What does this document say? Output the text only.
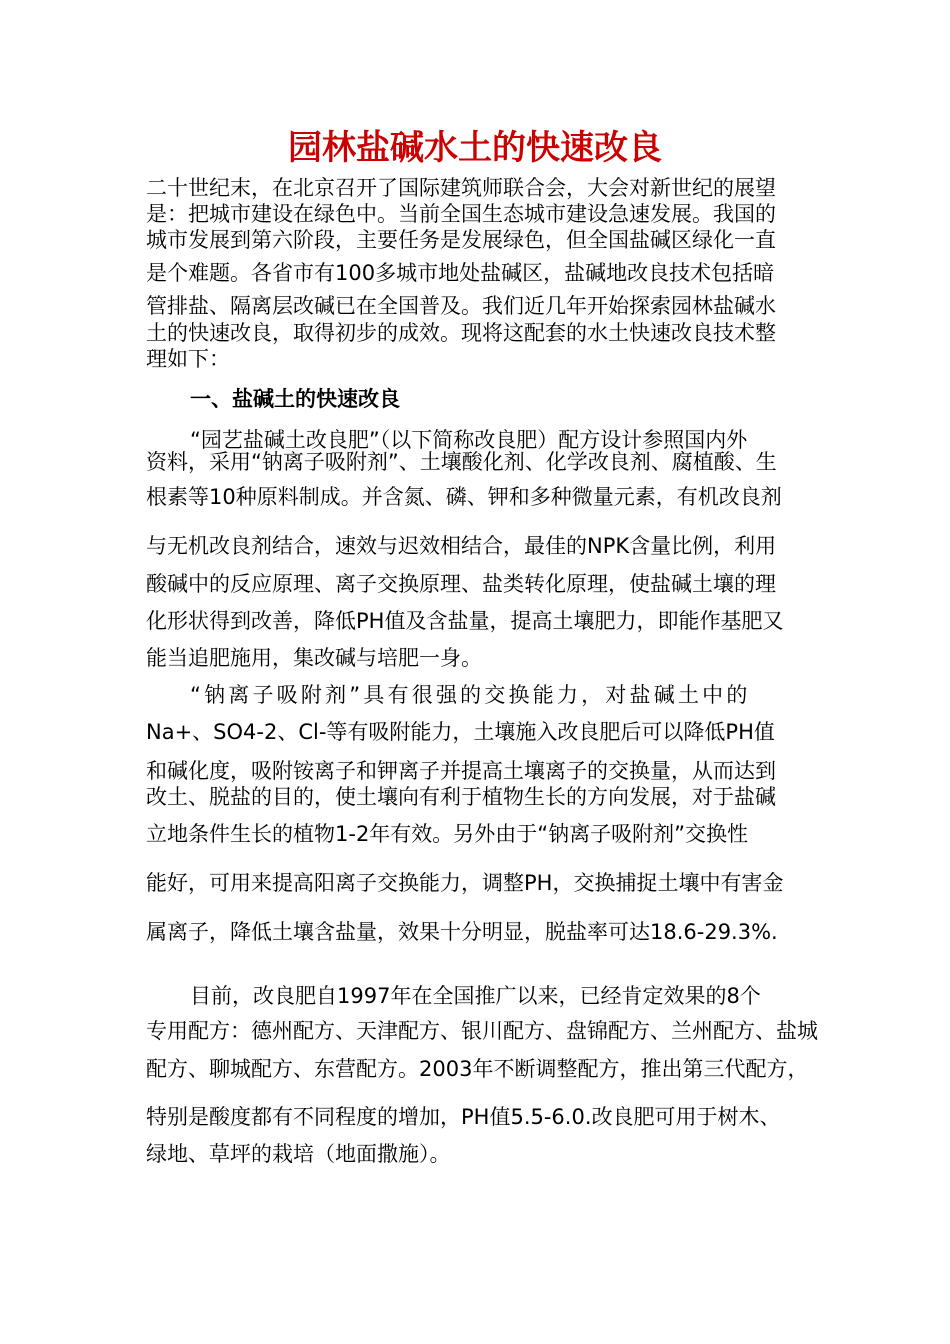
园林盐碱水土的快速改良
二十世纪末，在北京召开了国际建筑师联合会，大会对新世纪的展望
是：把城市建设在绿色中。当前全国生态城市建设急速发展。我国的
城市发展到第六阶段，主要任务是发展绿色，但全国盐碱区绿化一直
是个难题。各省市有100多城市地处盐碱区，盐碱地改良技术包括暗
管排盐、隔离层改碱已在全国普及。我们近几年开始探索园林盐碱水
土的快速改良，取得初步的成效。现将这配套的水土快速改良技术整
理如下：
一、盐碱土的快速改良
“园艺盐碱土改良肥”（以下简称改良肥）配方设计参照国内外
资料，采用“钠离子吸附剂”、土壤酸化剂、化学改良剂、腐植酸、生
根素等10种原料制成。并含氮、磷、钾和多种微量元素，有机改良剂
与无机改良剂结合，速效与迟效相结合，最佳的NPK含量比例，利用
酸碱中的反应原理、离子交换原理、盐类转化原理，使盐碱土壤的理
化形状得到改善，降低PH值及含盐量，提高土壤肥力，即能作基肥又
能当追肥施用，集改碱与培肥一身。
“钠离子吸附剂”具有很强的交换能力，对盐碱土中的
Na+、SO4-2、Cl-等有吸附能力，土壤施入改良肥后可以降低PH值
和碱化度，吸附铵离子和钾离子并提高土壤离子的交换量，从而达到
改土、脱盐的目的，使土壤向有利于植物生长的方向发展，对于盐碱
立地条件生长的植物1-2年有效。另外由于“钠离子吸附剂”交换性
能好，可用来提高阳离子交换能力，调整PH，交换捕捉土壤中有害金
属离子，降低土壤含盐量，效果十分明显，脱盐率可达18.6-29.3%.
目前，改良肥自1997年在全国推广以来，已经肯定效果的8个
专用配方：德州配方、天津配方、银川配方、盘锦配方、兰州配方、盐城
配方、聊城配方、东营配方。2003年不断调整配方，推出第三代配方，
特别是酸度都有不同程度的增加，PH值5.5-6.0.改良肥可用于树木、
绿地、草坪的栽培（地面撒施）。
